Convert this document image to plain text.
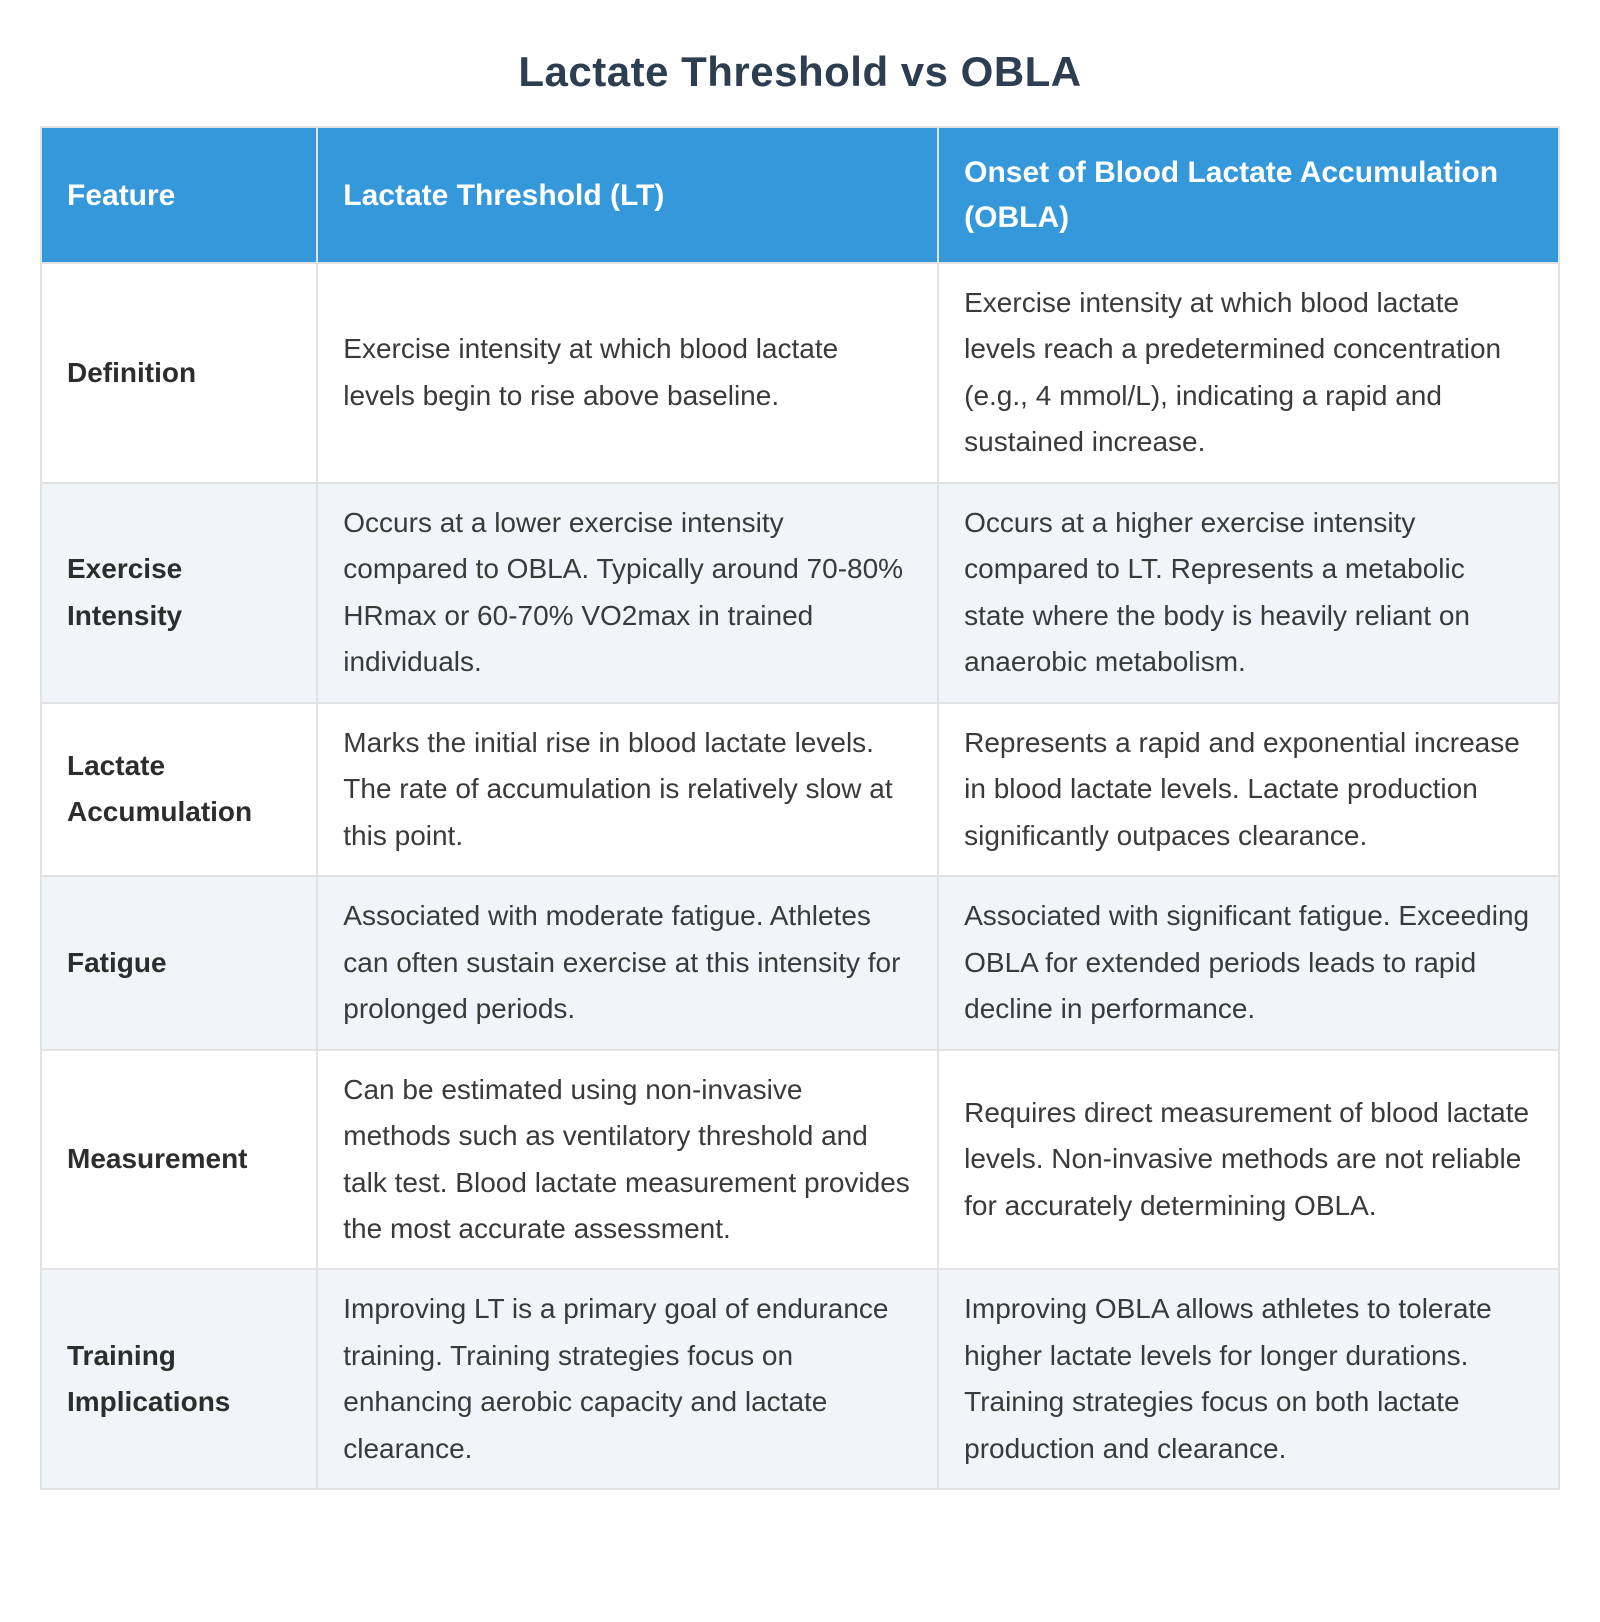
Lactate Threshold vs OBLA
Feature	Lactate Threshold (LT)	Onset of Blood Lactate Accumulation (OBLA)
Definition	Exercise intensity at which blood lactate levels begin to rise above baseline.	Exercise intensity at which blood lactate levels reach a predetermined concentration (e.g., 4 mmol/L), indicating a rapid and sustained increase.
Exercise Intensity	Occurs at a lower exercise intensity compared to OBLA. Typically around 70-80% HRmax or 60-70% VO2max in trained individuals.	Occurs at a higher exercise intensity compared to LT. Represents a metabolic state where the body is heavily reliant on anaerobic metabolism.
Lactate Accumulation	Marks the initial rise in blood lactate levels. The rate of accumulation is relatively slow at this point.	Represents a rapid and exponential increase in blood lactate levels. Lactate production significantly outpaces clearance.
Fatigue	Associated with moderate fatigue. Athletes can often sustain exercise at this intensity for prolonged periods.	Associated with significant fatigue. Exceeding OBLA for extended periods leads to rapid decline in performance.
Measurement	Can be estimated using non-invasive methods such as ventilatory threshold and talk test. Blood lactate measurement provides the most accurate assessment.	Requires direct measurement of blood lactate levels. Non-invasive methods are not reliable for accurately determining OBLA.
Training Implications	Improving LT is a primary goal of endurance training. Training strategies focus on enhancing aerobic capacity and lactate clearance.	Improving OBLA allows athletes to tolerate higher lactate levels for longer durations. Training strategies focus on both lactate production and clearance.
